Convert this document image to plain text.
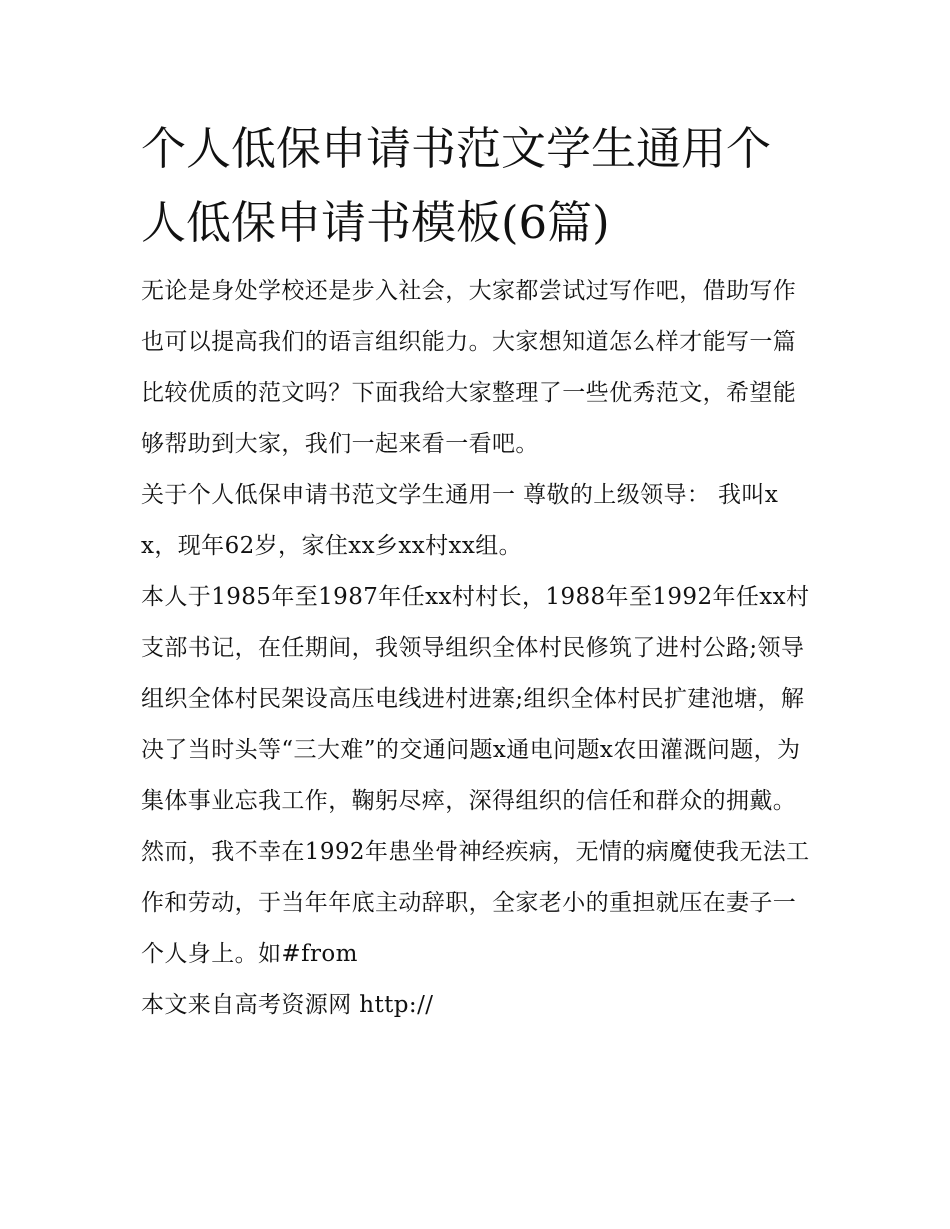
个人低保申请书范文学生通用个人低保申请书模板(6篇)

无论是身处学校还是步入社会，大家都尝试过写作吧，借助写作也可以提高我们的语言组织能力。大家想知道怎么样才能写一篇比较优质的范文吗？下面我给大家整理了一些优秀范文，希望能够帮助到大家，我们一起来看一看吧。

关于个人低保申请书范文学生通用一 尊敬的上级领导： 我叫xx，现年62岁，家住xx乡xx村xx组。

本人于1985年至1987年任xx村村长，1988年至1992年任xx村支部书记，在任期间，我领导组织全体村民修筑了进村公路;领导组织全体村民架设高压电线进村进寨;组织全体村民扩建池塘，解决了当时头等“三大难”的交通问题x通电问题x农田灌溉问题，为集体事业忘我工作，鞠躬尽瘁，深得组织的信任和群众的拥戴。

然而，我不幸在1992年患坐骨神经疾病，无情的病魔使我无法工作和劳动，于当年年底主动辞职，全家老小的重担就压在妻子一个人身上。如#from

本文来自高考资源网 http://
